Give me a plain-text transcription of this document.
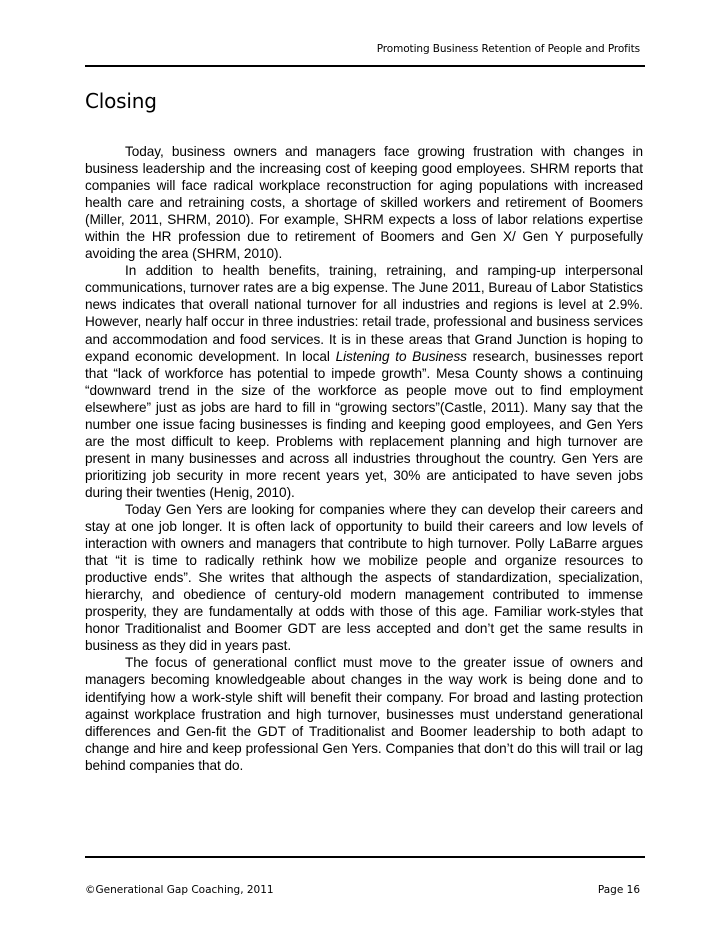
Promoting Business Retention of People and Profits
Closing

Today, business owners and managers face growing frustration with changes in business leadership and the increasing cost of keeping good employees. SHRM reports that companies will face radical workplace reconstruction for aging populations with increased health care and retraining costs, a shortage of skilled workers and retirement of Boomers (Miller, 2011, SHRM, 2010). For example, SHRM expects a loss of labor relations expertise within the HR profession due to retirement of Boomers and Gen X/ Gen Y purposefully avoiding the area (SHRM, 2010).

In addition to health benefits, training, retraining, and ramping-up interpersonal communications, turnover rates are a big expense. The June 2011, Bureau of Labor Statistics news indicates that overall national turnover for all industries and regions is level at 2.9%. However, nearly half occur in three industries: retail trade, professional and business services and accommodation and food services. It is in these areas that Grand Junction is hoping to expand economic development. In local Listening to Business research, businesses report that “lack of workforce has potential to impede growth”. Mesa County shows a continuing “downward trend in the size of the workforce as people move out to find employment elsewhere” just as jobs are hard to fill in “growing sectors”(Castle, 2011). Many say that the number one issue facing businesses is finding and keeping good employees, and Gen Yers are the most difficult to keep. Problems with replacement planning and high turnover are present in many businesses and across all industries throughout the country. Gen Yers are prioritizing job security in more recent years yet, 30% are anticipated to have seven jobs during their twenties (Henig, 2010).

Today Gen Yers are looking for companies where they can develop their careers and stay at one job longer. It is often lack of opportunity to build their careers and low levels of interaction with owners and managers that contribute to high turnover. Polly LaBarre argues that “it is time to radically rethink how we mobilize people and organize resources to productive ends”. She writes that although the aspects of standardization, specialization, hierarchy, and obedience of century-old modern management contributed to immense prosperity, they are fundamentally at odds with those of this age. Familiar work-styles that honor Traditionalist and Boomer GDT are less accepted and don’t get the same results in business as they did in years past.

The focus of generational conflict must move to the greater issue of owners and managers becoming knowledgeable about changes in the way work is being done and to identifying how a work-style shift will benefit their company. For broad and lasting protection against workplace frustration and high turnover, businesses must understand generational differences and Gen-fit the GDT of Traditionalist and Boomer leadership to both adapt to change and hire and keep professional Gen Yers. Companies that don’t do this will trail or lag behind companies that do.

©Generational Gap Coaching, 2011	Page 16
